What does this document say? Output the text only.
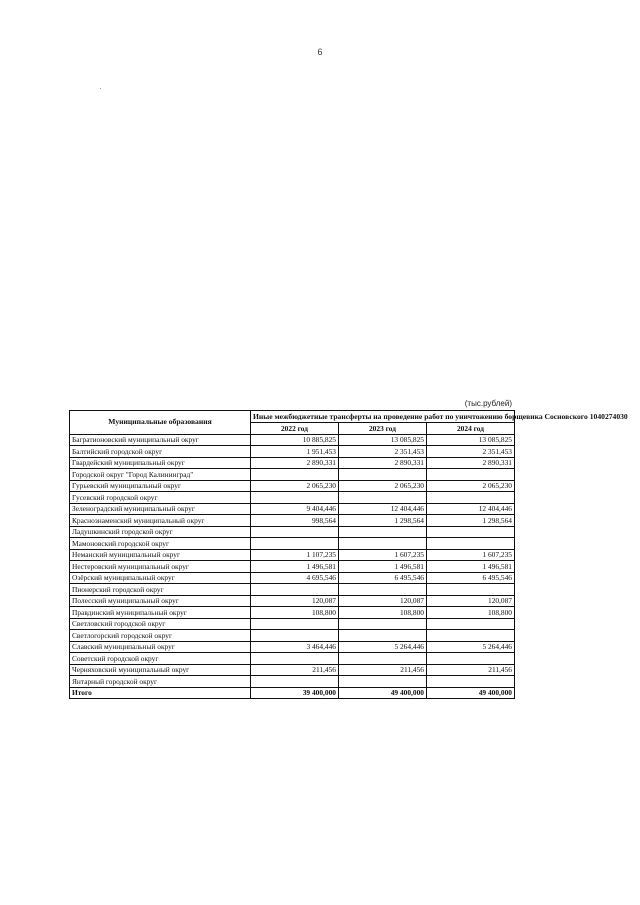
6
(тыс.рублей)
Муниципальные образования	Иные межбюджетные трансферты на проведение работ по уничтожению борщевика Сосновского 1040274030		
	2022 год	2023 год	2024 год
Багратионовский муниципальный округ	10 885,825	13 085,825	13 085,825
Балтийский городской округ	1 951,453	2 351,453	2 351,453
Гвардейский муниципальный округ	2 890,331	2 890,331	2 890,331
Городской округ "Город Калининград"			
Гурьевский муниципальный округ	2 065,230	2 065,230	2 065,230
Гусевский городской округ			
Зеленоградский муниципальный округ	9 404,446	12 404,446	12 404,446
Краснознаменский муниципальный округ	998,564	1 298,564	1 298,564
Ладушкинский городской округ			
Мамоновский городской округ			
Неманский муниципальный округ	1 107,235	1 607,235	1 607,235
Нестеровский муниципальный округ	1 496,581	1 496,581	1 496,581
Озёрский муниципальный округ	4 695,546	6 495,546	6 495,546
Пионерский городской округ			
Полесский муниципальный округ	120,087	120,087	120,087
Правдинский муниципальный округ	108,800	108,800	108,800
Светловский городской округ			
Светлогорский городской округ			
Славский муниципальный округ	3 464,446	5 264,446	5 264,446
Советский городской округ			
Черняховский муниципальный округ	211,456	211,456	211,456
Янтарный городской округ			
Итого	39 400,000	49 400,000	49 400,000
